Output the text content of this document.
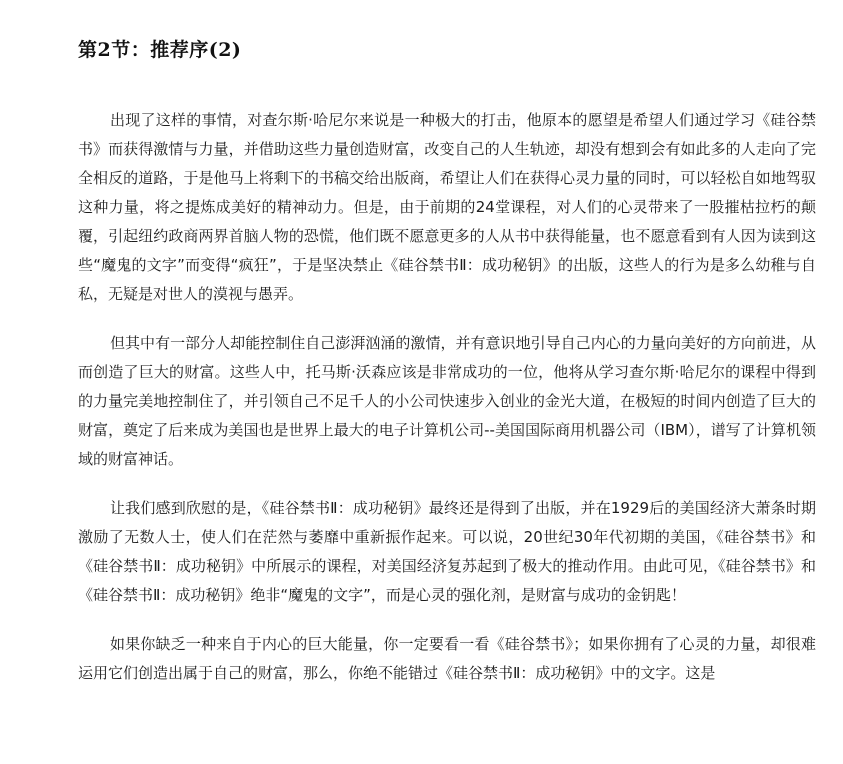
第2节：推荐序(2)

出现了这样的事情，对查尔斯·哈尼尔来说是一种极大的打击，他原本的愿望是希望人们通过学习《硅谷禁书》而获得激情与力量，并借助这些力量创造财富，改变自己的人生轨迹，却没有想到会有如此多的人走向了完全相反的道路，于是他马上将剩下的书稿交给出版商，希望让人们在获得心灵力量的同时，可以轻松自如地驾驭这种力量，将之提炼成美好的精神动力。但是，由于前期的24堂课程，对人们的心灵带来了一股摧枯拉朽的颠覆，引起纽约政商两界首脑人物的恐慌，他们既不愿意更多的人从书中获得能量，也不愿意看到有人因为读到这些“魔鬼的文字”而变得“疯狂”，于是坚决禁止《硅谷禁书Ⅱ：成功秘钥》的出版，这些人的行为是多么幼稚与自私，无疑是对世人的漠视与愚弄。

但其中有一部分人却能控制住自己澎湃汹涌的激情，并有意识地引导自己内心的力量向美好的方向前进，从而创造了巨大的财富。这些人中，托马斯·沃森应该是非常成功的一位，他将从学习查尔斯·哈尼尔的课程中得到的力量完美地控制住了，并引领自己不足千人的小公司快速步入创业的金光大道，在极短的时间内创造了巨大的财富，奠定了后来成为美国也是世界上最大的电子计算机公司--美国国际商用机器公司（IBM），谱写了计算机领域的财富神话。

让我们感到欣慰的是，《硅谷禁书Ⅱ：成功秘钥》最终还是得到了出版，并在1929后的美国经济大萧条时期激励了无数人士，使人们在茫然与萎靡中重新振作起来。可以说，20世纪30年代初期的美国，《硅谷禁书》和《硅谷禁书Ⅱ：成功秘钥》中所展示的课程，对美国经济复苏起到了极大的推动作用。由此可见，《硅谷禁书》和《硅谷禁书Ⅱ：成功秘钥》绝非“魔鬼的文字”，而是心灵的强化剂，是财富与成功的金钥匙！

如果你缺乏一种来自于内心的巨大能量，你一定要看一看《硅谷禁书》；如果你拥有了心灵的力量，却很难运用它们创造出属于自己的财富，那么，你绝不能错过《硅谷禁书Ⅱ：成功秘钥》中的文字。这是
